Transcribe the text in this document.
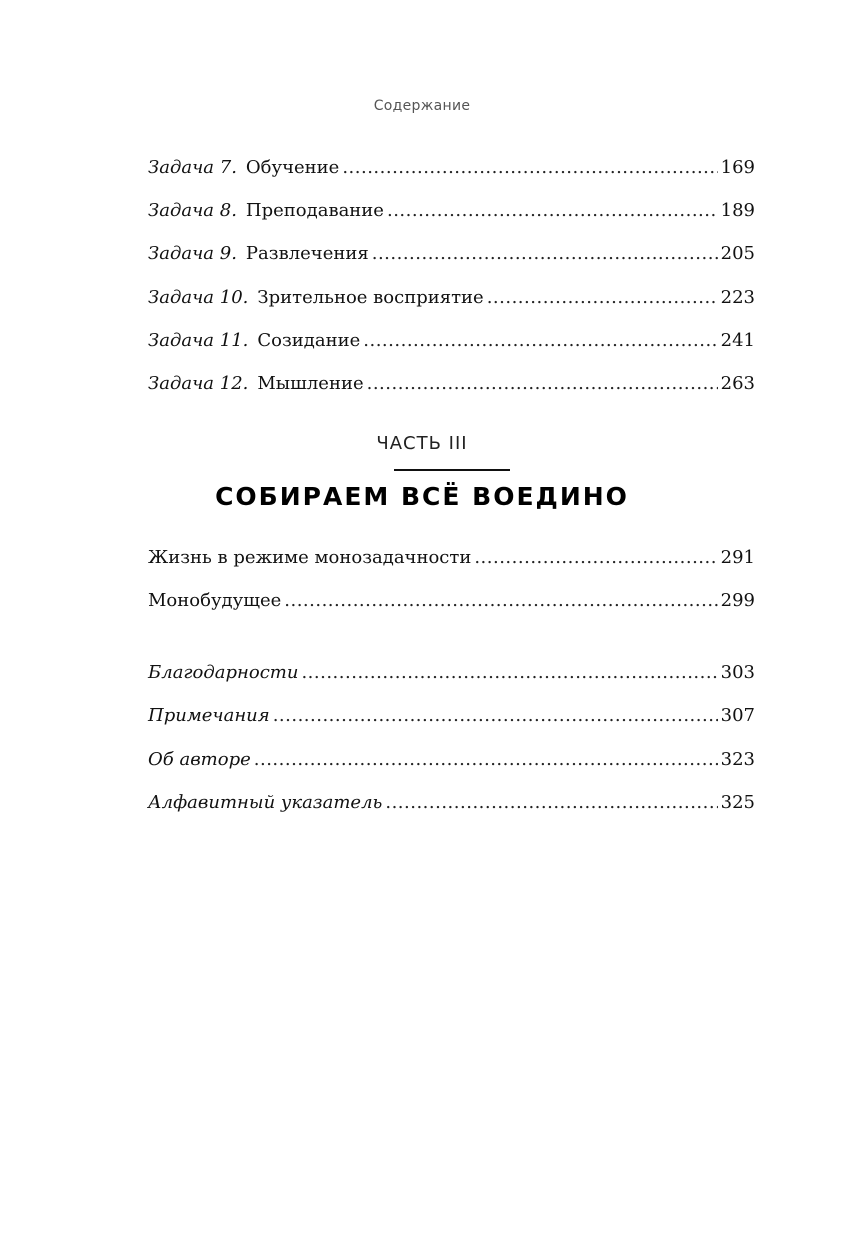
Содержание
Задача 7. Обучение .....	169
Задача 8. Преподавание .....	189
Задача 9. Развлечения .....	205
Задача 10. Зрительное восприятие .....	223
Задача 11. Созидание .....	241
Задача 12. Мышление .....	263
ЧАСТЬ III
СОБИРАЕМ ВСЁ ВОЕДИНО
Жизнь в режиме монозадачности .....	291
Монобудущее .....	299
Благодарности .....	303
Примечания .....	307
Об авторе .....	323
Алфавитный указатель .....	325
